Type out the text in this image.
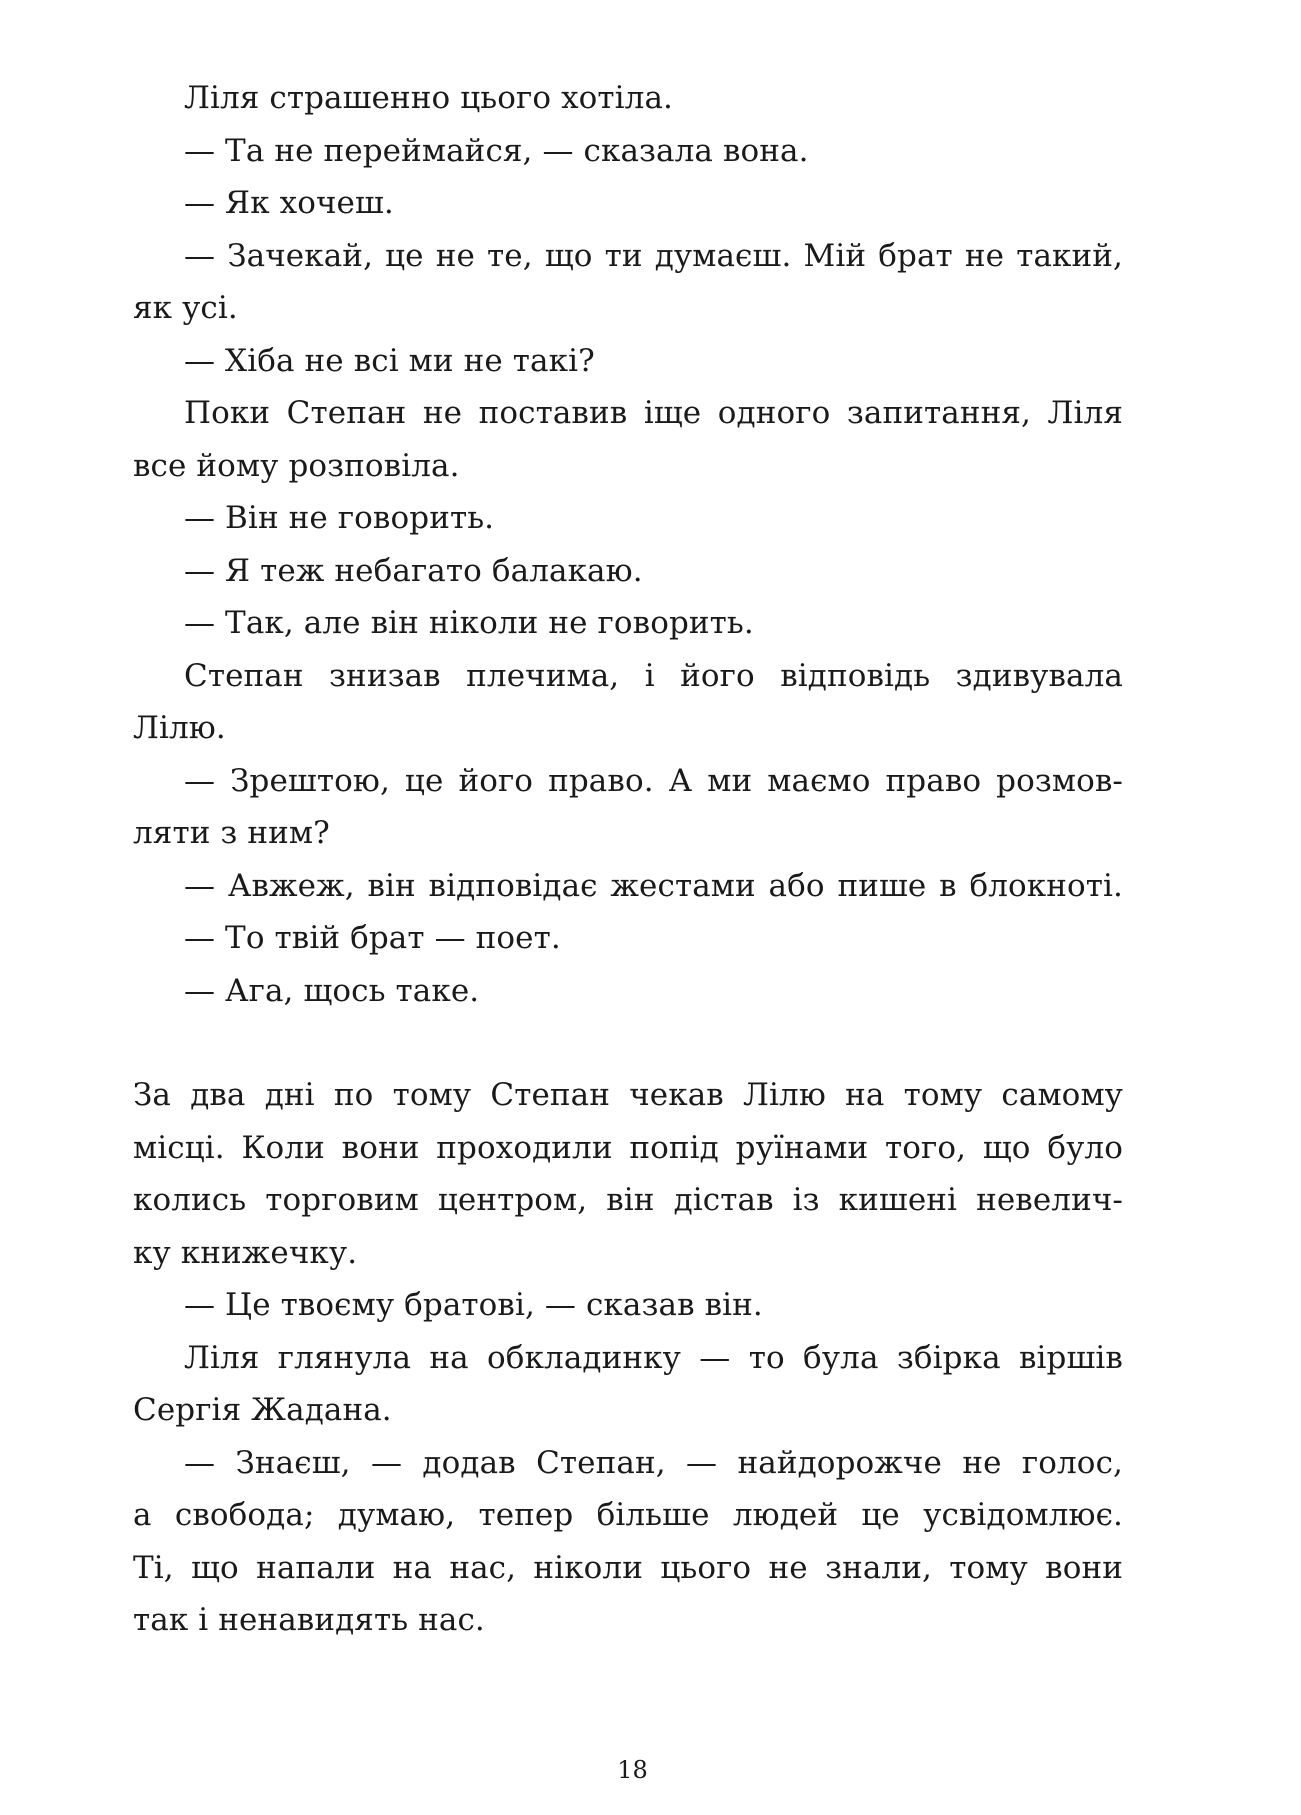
Ліля страшенно цього хотіла.
— Та не переймайся, — сказала вона.
— Як хочеш.
— Зачекай, це не те, що ти думаєш. Мій брат не такий,
як усі.
— Хіба не всі ми не такі?
Поки Степан не поставив іще одного запитання, Ліля
все йому розповіла.
— Він не говорить.
— Я теж небагато балакаю.
— Так, але він ніколи не говорить.
Степан знизав плечима, і його відповідь здивувала
Лілю.
— Зрештою, це його право. А ми маємо право розмов-
ляти з ним?
— Авжеж, він відповідає жестами або пише в блокноті.
— То твій брат — поет.
— Ага, щось таке.
За два дні по тому Степан чекав Лілю на тому самому
місці. Коли вони проходили попід руїнами того, що було
колись торговим центром, він дістав із кишені невелич-
ку книжечку.
— Це твоєму братові, — сказав він.
Ліля глянула на обкладинку — то була збірка віршів
Сергія Жадана.
— Знаєш, — додав Степан, — найдорожче не голос,
а свобода; думаю, тепер більше людей це усвідомлює.
Ті, що напали на нас, ніколи цього не знали, тому вони
так і ненавидять нас.
18
